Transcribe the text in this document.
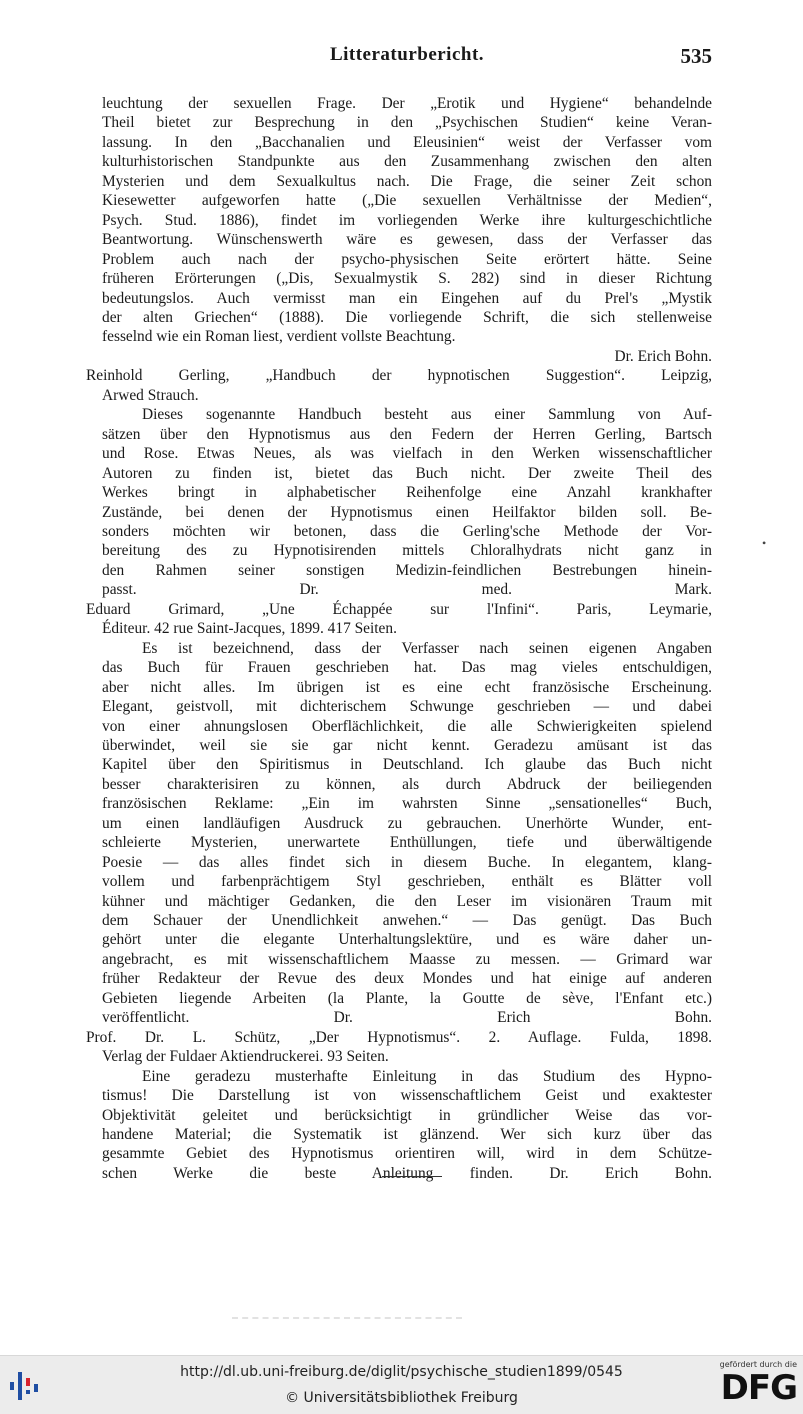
Litteraturbericht.	535
leuchtung der sexuellen Frage. Der „Erotik und Hygiene“ behandelnde
Theil bietet zur Besprechung in den „Psychischen Studien“ keine Veran-
lassung. In den „Bacchanalien und Eleusinien“ weist der Verfasser vom
kulturhistorischen Standpunkte aus den Zusammenhang zwischen den alten
Mysterien und dem Sexualkultus nach. Die Frage, die seiner Zeit schon
Kiesewetter aufgeworfen hatte („Die sexuellen Verhältnisse der Medien“,
Psych. Stud. 1886), findet im vorliegenden Werke ihre kulturgeschichtliche
Beantwortung. Wünschenswerth wäre es gewesen, dass der Verfasser das
Problem auch nach der psycho-physischen Seite erörtert hätte. Seine
früheren Erörterungen („Dis, Sexualmystik S. 282) sind in dieser Richtung
bedeutungslos. Auch vermisst man ein Eingehen auf du Prel's „Mystik
der alten Griechen“ (1888). Die vorliegende Schrift, die sich stellenweise
fesselnd wie ein Roman liest, verdient vollste Beachtung.
Dr. Erich Bohn.
Reinhold Gerling, „Handbuch der hypnotischen Suggestion“. Leipzig,
Arwed Strauch.
Dieses sogenannte Handbuch besteht aus einer Sammlung von Auf-
sätzen über den Hypnotismus aus den Federn der Herren Gerling, Bartsch
und Rose. Etwas Neues, als was vielfach in den Werken wissenschaftlicher
Autoren zu finden ist, bietet das Buch nicht. Der zweite Theil des
Werkes bringt in alphabetischer Reihenfolge eine Anzahl krankhafter
Zustände, bei denen der Hypnotismus einen Heilfaktor bilden soll. Be-
sonders möchten wir betonen, dass die Gerling'sche Methode der Vor-
bereitung des zu Hypnotisirenden mittels Chloralhydrats nicht ganz in
den Rahmen seiner sonstigen Medizin-feindlichen Bestrebungen hinein-
passt. Dr. med. Mark.
Eduard Grimard, „Une Échappée sur l'Infini“. Paris, Leymarie,
Éditeur. 42 rue Saint-Jacques, 1899. 417 Seiten.
Es ist bezeichnend, dass der Verfasser nach seinen eigenen Angaben
das Buch für Frauen geschrieben hat. Das mag vieles entschuldigen,
aber nicht alles. Im übrigen ist es eine echt französische Erscheinung.
Elegant, geistvoll, mit dichterischem Schwunge geschrieben — und dabei
von einer ahnungslosen Oberflächlichkeit, die alle Schwierigkeiten spielend
überwindet, weil sie sie gar nicht kennt. Geradezu amüsant ist das
Kapitel über den Spiritismus in Deutschland. Ich glaube das Buch nicht
besser charakterisiren zu können, als durch Abdruck der beiliegenden
französischen Reklame: „Ein im wahrsten Sinne „sensationelles“ Buch,
um einen landläufigen Ausdruck zu gebrauchen. Unerhörte Wunder, ent-
schleierte Mysterien, unerwartete Enthüllungen, tiefe und überwältigende
Poesie — das alles findet sich in diesem Buche. In elegantem, klang-
vollem und farbenprächtigem Styl geschrieben, enthält es Blätter voll
kühner und mächtiger Gedanken, die den Leser im visionären Traum mit
dem Schauer der Unendlichkeit anwehen.“ — Das genügt. Das Buch
gehört unter die elegante Unterhaltungslektüre, und es wäre daher un-
angebracht, es mit wissenschaftlichem Maasse zu messen. — Grimard war
früher Redakteur der Revue des deux Mondes und hat einige auf anderen
Gebieten liegende Arbeiten (la Plante, la Goutte de sève, l'Enfant etc.)
veröffentlicht. Dr. Erich Bohn.
Prof. Dr. L. Schütz, „Der Hypnotismus“. 2. Auflage. Fulda, 1898.
Verlag der Fuldaer Aktiendruckerei. 93 Seiten.
Eine geradezu musterhafte Einleitung in das Studium des Hypno-
tismus! Die Darstellung ist von wissenschaftlichem Geist und exaktester
Objektivität geleitet und berücksichtigt in gründlicher Weise das vor-
handene Material; die Systematik ist glänzend. Wer sich kurz über das
gesammte Gebiet des Hypnotismus orientiren will, wird in dem Schütze-
schen Werke die beste Anleitung finden. Dr. Erich Bohn.
•
http://dl.ub.uni-freiburg.de/diglit/psychische_studien1899/0545
© Universitätsbibliothek Freiburg
gefördert durch die
DFG
